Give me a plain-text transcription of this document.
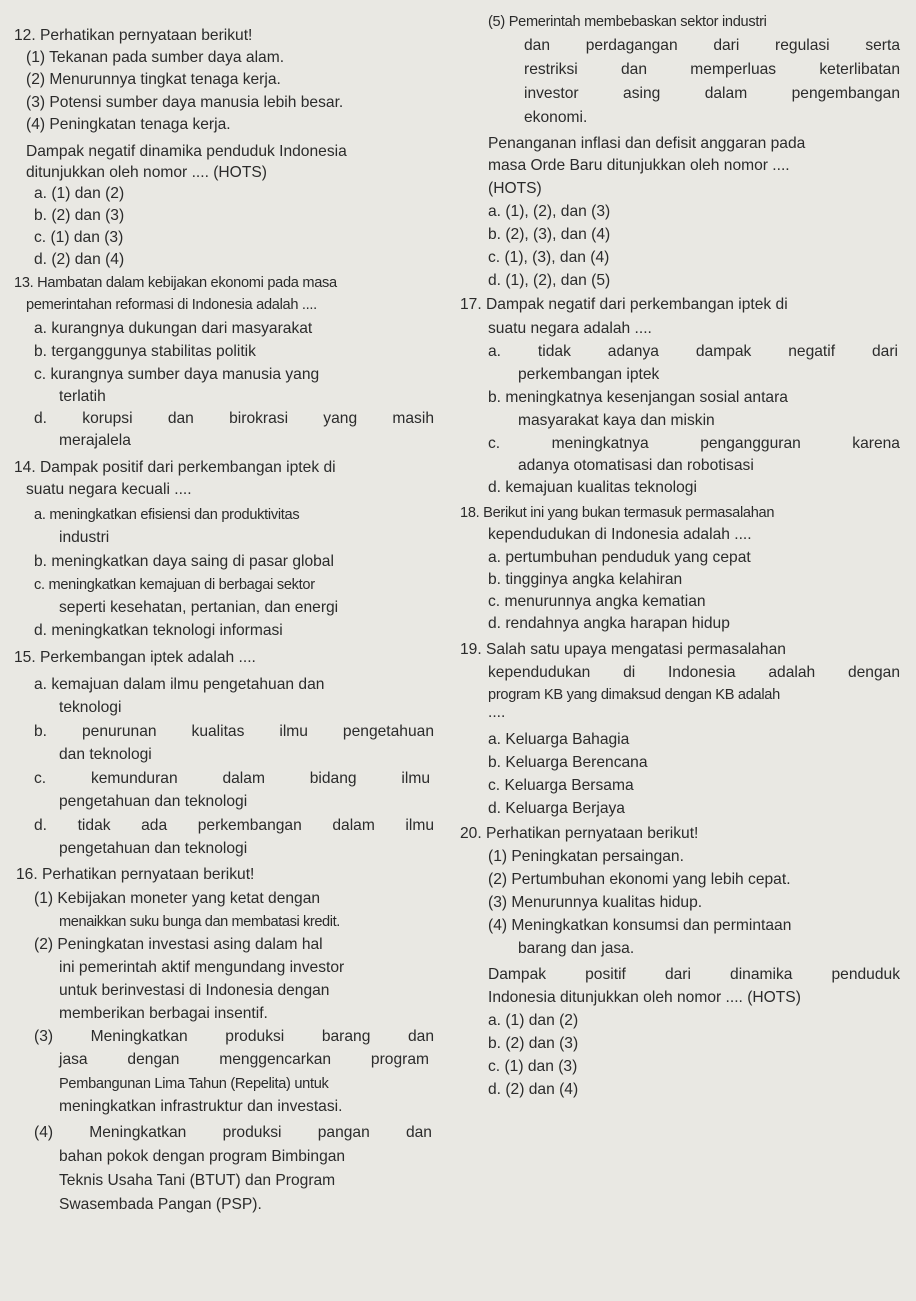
12. Perhatikan pernyataan berikut!
(1) Tekanan pada sumber daya alam.
(2) Menurunnya tingkat tenaga kerja.
(3) Potensi sumber daya manusia lebih besar.
(4) Peningkatan tenaga kerja.
Dampak negatif dinamika penduduk Indonesia
ditunjukkan oleh nomor .... (HOTS)
a. (1) dan (2)
b. (2) dan (3)
c. (1) dan (3)
d. (2) dan (4)
13. Hambatan dalam kebijakan ekonomi pada masa
pemerintahan reformasi di Indonesia adalah ....
a. kurangnya dukungan dari masyarakat
b. terganggunya stabilitas politik
c. kurangnya sumber daya manusia yang
terlatih
d. korupsi dan birokrasi yang masih
merajalela
14. Dampak positif dari perkembangan iptek di
suatu negara kecuali ....
a. meningkatkan efisiensi dan produktivitas
industri
b. meningkatkan daya saing di pasar global
c. meningkatkan kemajuan di berbagai sektor
seperti kesehatan, pertanian, dan energi
d. meningkatkan teknologi informasi
15. Perkembangan iptek adalah ....
a. kemajuan dalam ilmu pengetahuan dan
teknologi
b. penurunan kualitas ilmu pengetahuan
dan teknologi
c. kemunduran dalam bidang ilmu
pengetahuan dan teknologi
d. tidak ada perkembangan dalam ilmu
pengetahuan dan teknologi
16. Perhatikan pernyataan berikut!
(1) Kebijakan moneter yang ketat dengan
menaikkan suku bunga dan membatasi kredit.
(2) Peningkatan investasi asing dalam hal
ini pemerintah aktif mengundang investor
untuk berinvestasi di Indonesia dengan
memberikan berbagai insentif.
(3) Meningkatkan produksi barang dan
jasa dengan menggencarkan program
Pembangunan Lima Tahun (Repelita) untuk
meningkatkan infrastruktur dan investasi.
(4) Meningkatkan produksi pangan dan
bahan pokok dengan program Bimbingan
Teknis Usaha Tani (BTUT) dan Program
Swasembada Pangan (PSP).
(5) Pemerintah membebaskan sektor industri
dan perdagangan dari regulasi serta
restriksi dan memperluas keterlibatan
investor asing dalam pengembangan
ekonomi.
Penanganan inflasi dan defisit anggaran pada
masa Orde Baru ditunjukkan oleh nomor ....
(HOTS)
a. (1), (2), dan (3)
b. (2), (3), dan (4)
c. (1), (3), dan (4)
d. (1), (2), dan (5)
17. Dampak negatif dari perkembangan iptek di
suatu negara adalah ....
a. tidak adanya dampak negatif dari
perkembangan iptek
b. meningkatnya kesenjangan sosial antara
masyarakat kaya dan miskin
c. meningkatnya pengangguran karena
adanya otomatisasi dan robotisasi
d. kemajuan kualitas teknologi
18. Berikut ini yang bukan termasuk permasalahan
kependudukan di Indonesia adalah ....
a. pertumbuhan penduduk yang cepat
b. tingginya angka kelahiran
c. menurunnya angka kematian
d. rendahnya angka harapan hidup
19. Salah satu upaya mengatasi permasalahan
kependudukan di Indonesia adalah dengan
program KB yang dimaksud dengan KB adalah
....
a. Keluarga Bahagia
b. Keluarga Berencana
c. Keluarga Bersama
d. Keluarga Berjaya
20. Perhatikan pernyataan berikut!
(1) Peningkatan persaingan.
(2) Pertumbuhan ekonomi yang lebih cepat.
(3) Menurunnya kualitas hidup.
(4) Meningkatkan konsumsi dan permintaan
barang dan jasa.
Dampak positif dari dinamika penduduk
Indonesia ditunjukkan oleh nomor .... (HOTS)
a. (1) dan (2)
b. (2) dan (3)
c. (1) dan (3)
d. (2) dan (4)
